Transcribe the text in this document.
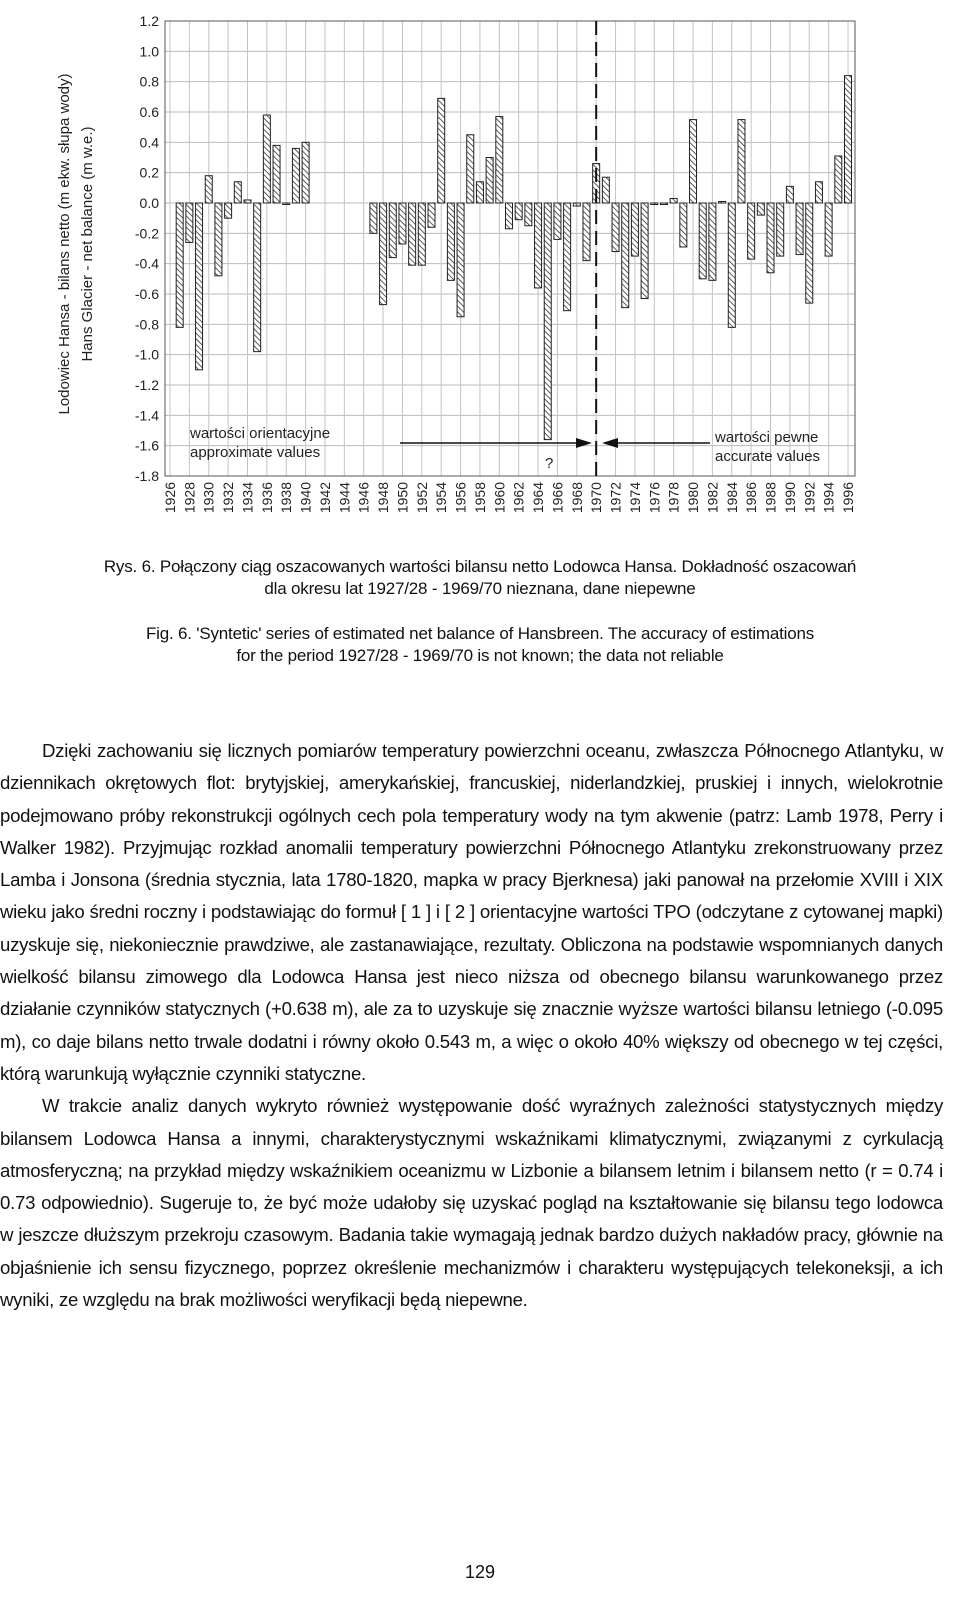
1.2
1.0
0.8
0.6
0.4
0.2
0.0
-0.2
-0.4
-0.6
-0.8
-1.0
-1.2
-1.4
-1.6
-1.8
1926 1928 1930 1932 1934 1936 1938 1940 1942 1944 1946 1948 1950 1952 1954 1956 1958 1960 1962 1964 1966 1968 1970 1972 1974 1976 1978 1980 1982 1984 1986 1988 1990 1992 1994 1996
Lodowiec Hansa - bilans netto (m ekw. słupa wody) Hans Glacier - net balance (m w.e.)
wartości orientacyjne
approximate values
?
wartości pewne
accurate values
Rys. 6. Połączony ciąg oszacowanych wartości bilansu netto Lodowca Hansa. Dokładność oszacowań
dla okresu lat 1927/28 - 1969/70 nieznana, dane niepewne
Fig. 6. 'Syntetic' series of estimated net balance of Hansbreen. The accuracy of estimations
for the period 1927/28 - 1969/70 is not known; the data not reliable

Dzięki zachowaniu się licznych pomiarów temperatury powierzchni oceanu, zwłaszcza Północnego Atlantyku, w dziennikach okrętowych flot: brytyjskiej, amerykańskiej, francuskiej, niderlandzkiej, pruskiej i innych, wielokrotnie podejmowano próby rekonstrukcji ogólnych cech pola temperatury wody na tym akwenie (patrz: Lamb 1978, Perry i Walker 1982). Przyjmując rozkład anomalii temperatury powierzchni Północnego Atlantyku zrekonstruowany przez Lamba i Jonsona (średnia stycznia, lata 1780-1820, mapka w pracy Bjerknesa) jaki panował na przełomie XVIII i XIX wieku jako średni roczny i podstawiając do formuł [ 1 ] i [ 2 ] orientacyjne wartości TPO (odczytane z cytowanej mapki) uzyskuje się, niekoniecznie prawdziwe, ale zastanawiające, rezultaty. Obliczona na podstawie wspomnianych danych wielkość bilansu zimowego dla Lodowca Hansa jest nieco niższa od obecnego bilansu warunkowanego przez działanie czynników statycznych (+0.638 m), ale za to uzyskuje się znacznie wyższe wartości bilansu letniego (-0.095 m), co daje bilans netto trwale dodatni i równy około 0.543 m, a więc o około 40% większy od obecnego w tej części, którą warunkują wyłącznie czynniki statyczne.

W trakcie analiz danych wykryto również występowanie dość wyraźnych zależności statystycznych między bilansem Lodowca Hansa a innymi, charakterystycznymi wskaźnikami klimatycznymi, związanymi z cyrkulacją atmosferyczną; na przykład między wskaźnikiem oceanizmu w Lizbonie a bilansem letnim i bilansem netto (r = 0.74 i 0.73 odpowiednio). Sugeruje to, że być może udałoby się uzyskać pogląd na kształtowanie się bilansu tego lodowca w jeszcze dłuższym przekroju czasowym. Badania takie wymagają jednak bardzo dużych nakładów pracy, głównie na objaśnienie ich sensu fizycznego, poprzez określenie mechanizmów i charakteru występujących telekoneksji, a ich wyniki, ze względu na brak możliwości weryfikacji będą niepewne.

129
